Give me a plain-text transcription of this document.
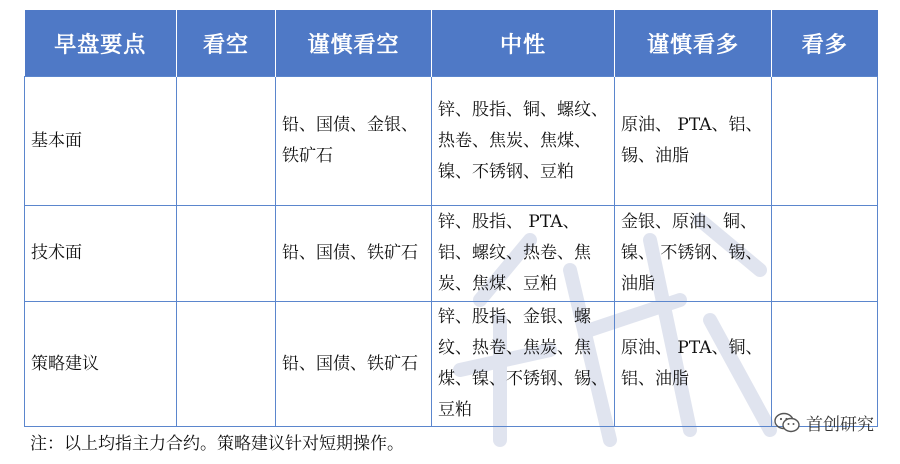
早盘要点	看空	谨慎看空	中性	谨慎看多	看多
基本面		铅、国债、金银、铁矿石	锌、股指、铜、螺纹、热卷、焦炭、焦煤、镍、不锈钢、豆粕	原油、 PTA、铝、锡、油脂	
技术面		铅、国债、铁矿石	锌、股指、 PTA、铝、螺纹、热卷、焦炭、焦煤、豆粕	金银、原油、铜、镍、 不锈钢、锡、油脂	
策略建议		铅、国债、铁矿石	锌、股指、金银、螺纹、热卷、焦炭、焦煤、镍、不锈钢、锡、豆粕	原油、 PTA、铜、铝、油脂	
注：以上均指主力合约。策略建议针对短期操作。
首创研究
